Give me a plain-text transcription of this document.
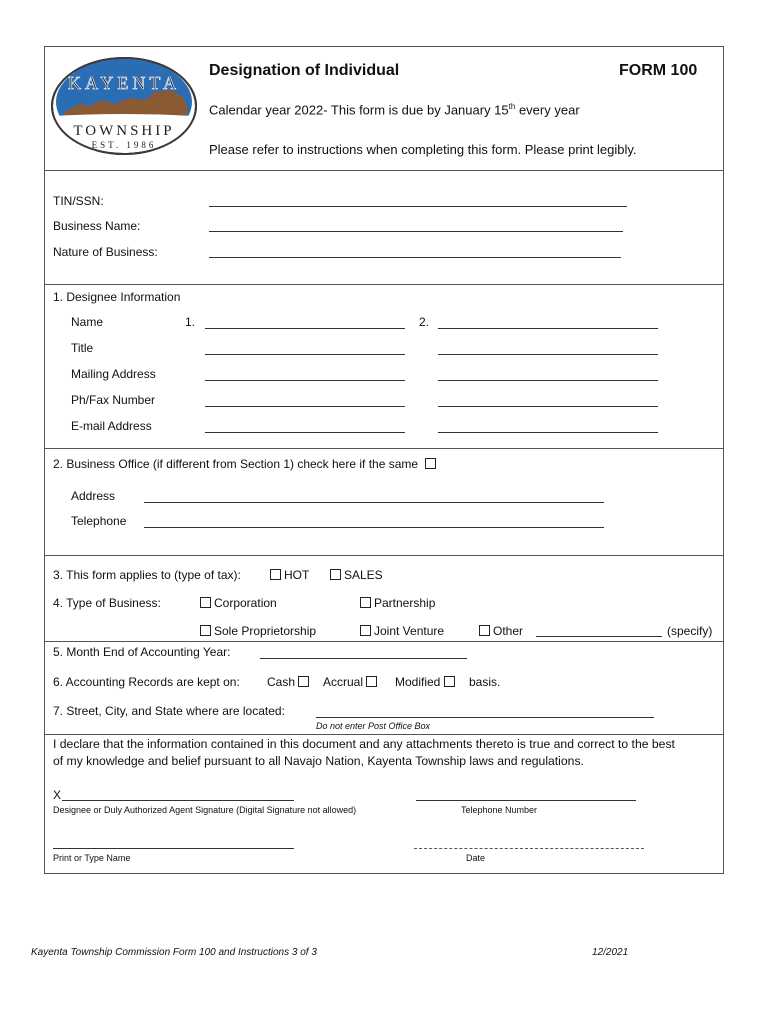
KAYENTA
TOWNSHIP
EST. 1986
Designation of Individual	FORM 100
Calendar year 2022- This form is due by January 15th every year
Please refer to instructions when completing this form. Please print legibly.
TIN/SSN:
Business Name:
Nature of Business:
1. Designee Information
Name	1.	2.
Title
Mailing Address
Ph/Fax Number
E-mail Address
2. Business Office (if different from Section 1) check here if the same
Address
Telephone
3. This form applies to (type of tax):	HOT	SALES
4. Type of Business:	Corporation	Partnership
Sole Proprietorship	Joint Venture	Other	(specify)
5. Month End of Accounting Year:
6. Accounting Records are kept on: Cash	Accrual	Modified	basis.
7. Street, City, and State where are located:
Do not enter Post Office Box
I declare that the information contained in this document and any attachments thereto is true and correct to the best
of my knowledge and belief pursuant to all Navajo Nation, Kayenta Township laws and regulations.
X
Designee or Duly Authorized Agent Signature (Digital Signature not allowed)	Telephone Number
Print or Type Name	Date
Kayenta Township Commission Form 100 and Instructions 3 of 3	12/2021
